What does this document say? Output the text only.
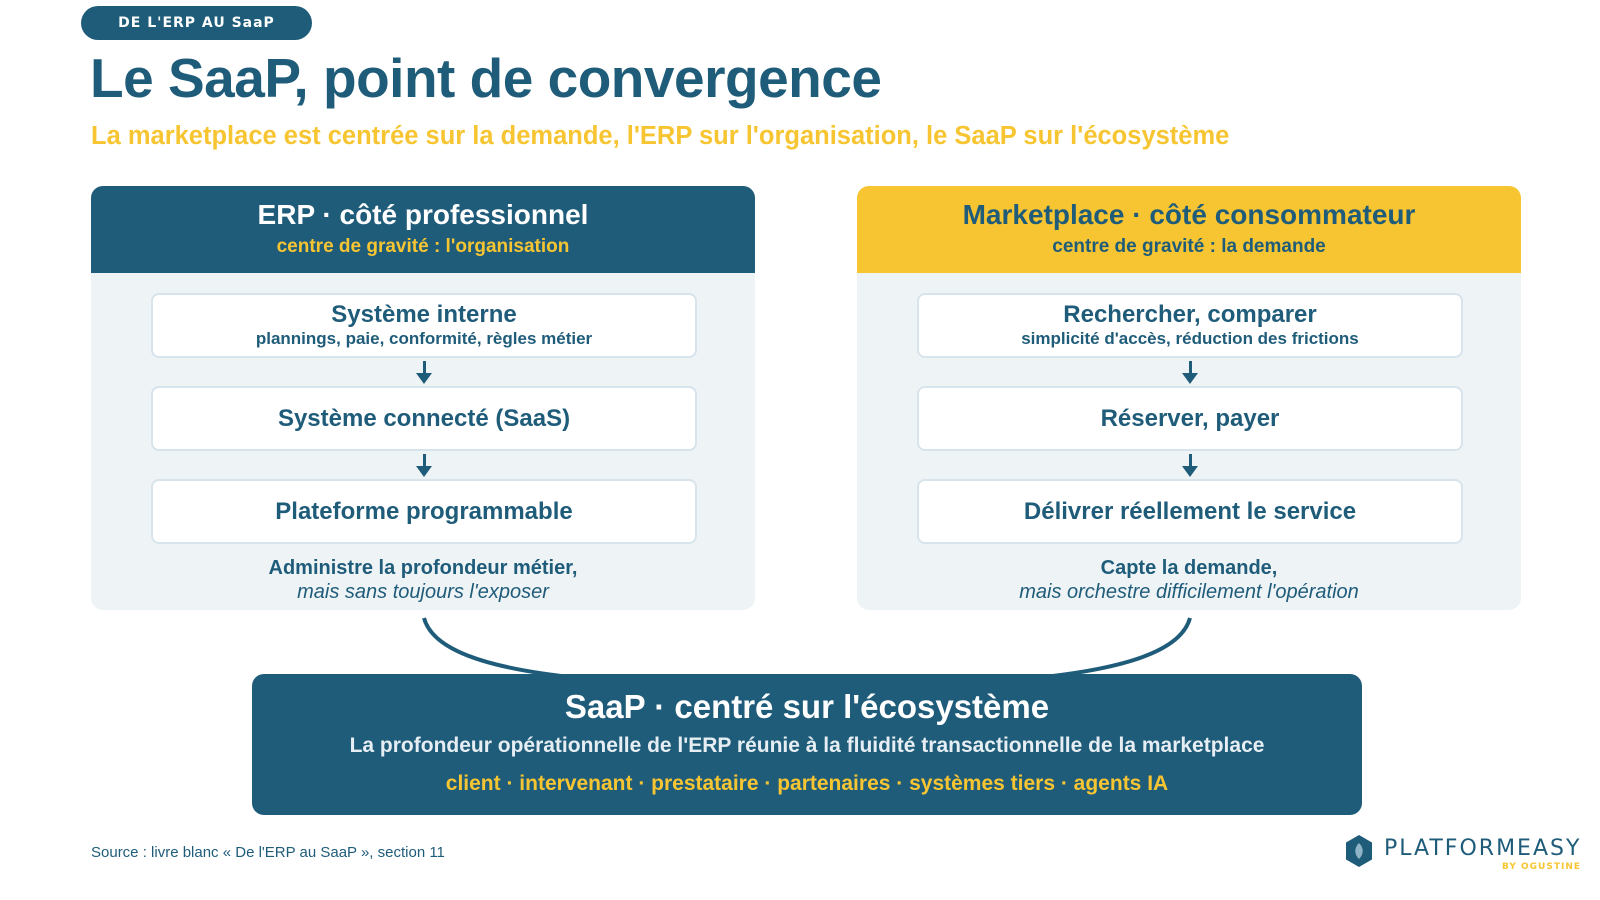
DE L'ERP AU SaaP
Le SaaP, point de convergence
La marketplace est centrée sur la demande, l'ERP sur l'organisation, le SaaP sur l'écosystème
ERP · côté professionnel
centre de gravité : l'organisation
Système interne
plannings, paie, conformité, règles métier
Système connecté (SaaS)
Plateforme programmable
Administre la profondeur métier,
mais sans toujours l'exposer
Marketplace · côté consommateur
centre de gravité : la demande
Rechercher, comparer
simplicité d'accès, réduction des frictions
Réserver, payer
Délivrer réellement le service
Capte la demande,
mais orchestre difficilement l'opération
SaaP · centré sur l'écosystème
La profondeur opérationnelle de l'ERP réunie à la fluidité transactionnelle de la marketplace
client · intervenant · prestataire · partenaires · systèmes tiers · agents IA
Source : livre blanc « De l'ERP au SaaP », section 11	PLATFORMEASY
BY OGUSTINE
